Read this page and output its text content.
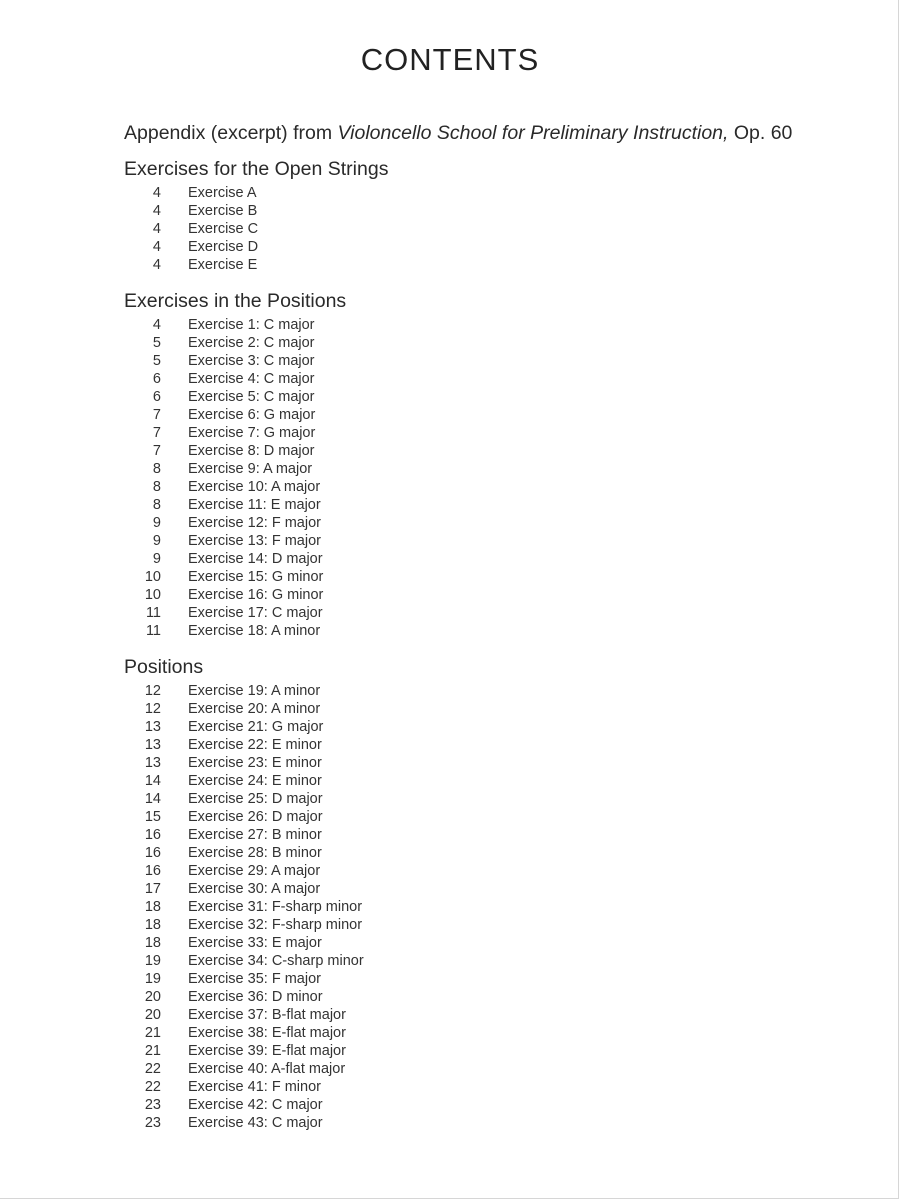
CONTENTS
Appendix (excerpt) from Violoncello School for Preliminary Instruction, Op. 60
Exercises for the Open Strings
4	Exercise A
4	Exercise B
4	Exercise C
4	Exercise D
4	Exercise E
Exercises in the Positions
4	Exercise 1: C major
5	Exercise 2: C major
5	Exercise 3: C major
6	Exercise 4: C major
6	Exercise 5: C major
7	Exercise 6: G major
7	Exercise 7: G major
7	Exercise 8: D major
8	Exercise 9: A major
8	Exercise 10: A major
8	Exercise 11: E major
9	Exercise 12: F major
9	Exercise 13: F major
9	Exercise 14: D major
10	Exercise 15: G minor
10	Exercise 16: G minor
11	Exercise 17: C major
11	Exercise 18: A minor
Positions
12	Exercise 19: A minor
12	Exercise 20: A minor
13	Exercise 21: G major
13	Exercise 22: E minor
13	Exercise 23: E minor
14	Exercise 24: E minor
14	Exercise 25: D major
15	Exercise 26: D major
16	Exercise 27: B minor
16	Exercise 28: B minor
16	Exercise 29: A major
17	Exercise 30: A major
18	Exercise 31: F-sharp minor
18	Exercise 32: F-sharp minor
18	Exercise 33: E major
19	Exercise 34: C-sharp minor
19	Exercise 35: F major
20	Exercise 36: D minor
20	Exercise 37: B-flat major
21	Exercise 38: E-flat major
21	Exercise 39: E-flat major
22	Exercise 40: A-flat major
22	Exercise 41: F minor
23	Exercise 42: C major
23	Exercise 43: C major
